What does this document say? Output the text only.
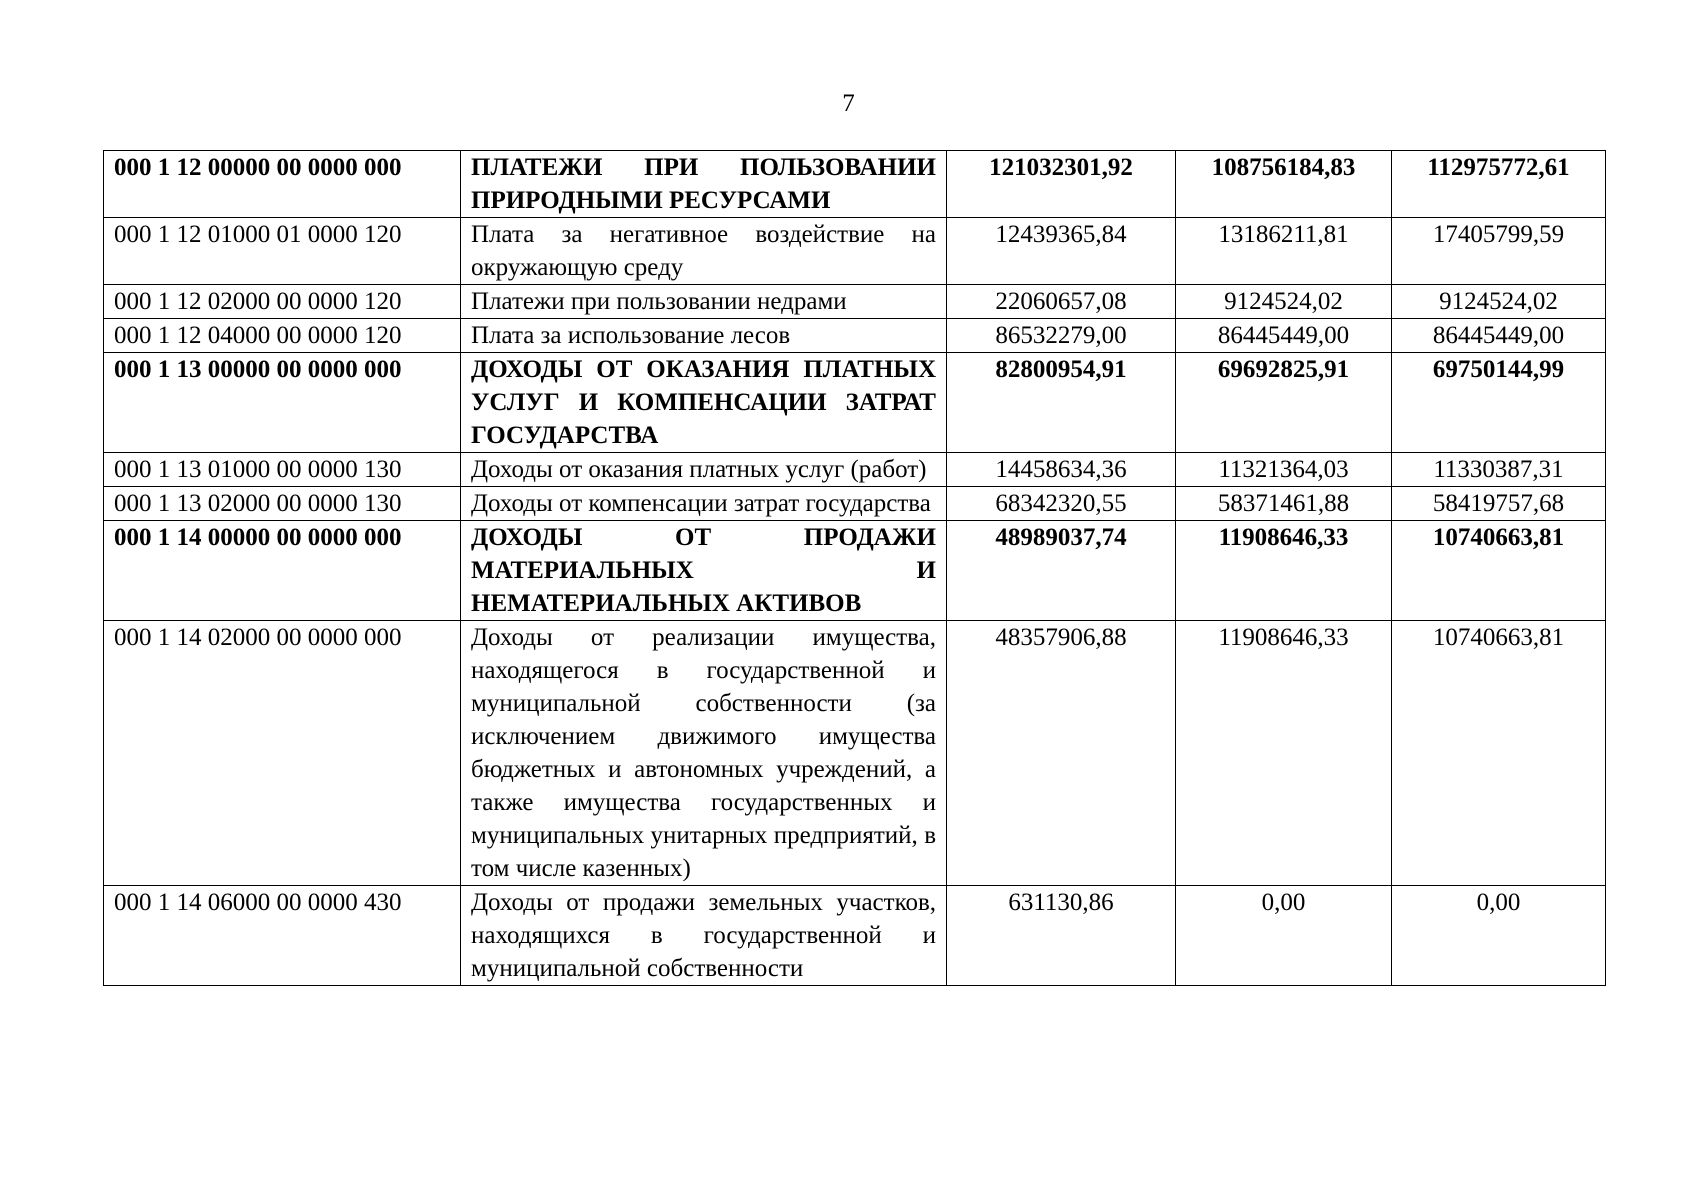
7
000 1 12 00000 00 0000 000	ПЛАТЕЖИ ПРИ ПОЛЬЗОВАНИИ ПРИРОДНЫМИ РЕСУРСАМИ	121032301,92	108756184,83	112975772,61
000 1 12 01000 01 0000 120	Плата за негативное воздействие на окружающую среду	12439365,84	13186211,81	17405799,59
000 1 12 02000 00 0000 120	Платежи при пользовании недрами	22060657,08	9124524,02	9124524,02
000 1 12 04000 00 0000 120	Плата за использование лесов	86532279,00	86445449,00	86445449,00
000 1 13 00000 00 0000 000	ДОХОДЫ ОТ ОКАЗАНИЯ ПЛАТНЫХ УСЛУГ И КОМПЕНСАЦИИ ЗАТРАТ ГОСУДАРСТВА	82800954,91	69692825,91	69750144,99
000 1 13 01000 00 0000 130	Доходы от оказания платных услуг (работ)	14458634,36	11321364,03	11330387,31
000 1 13 02000 00 0000 130	Доходы от компенсации затрат государства	68342320,55	58371461,88	58419757,68
000 1 14 00000 00 0000 000	ДОХОДЫ ОТ ПРОДАЖИ МАТЕРИАЛЬНЫХ И НЕМАТЕРИАЛЬНЫХ АКТИВОВ	48989037,74	11908646,33	10740663,81
000 1 14 02000 00 0000 000	Доходы от реализации имущества, находящегося в государственной и муниципальной собственности (за исключением движимого имущества бюджетных и автономных учреждений, а также имущества государственных и муниципальных унитарных предприятий, в том числе казенных)	48357906,88	11908646,33	10740663,81
000 1 14 06000 00 0000 430	Доходы от продажи земельных участков, находящихся в государственной и муниципальной собственности	631130,86	0,00	0,00
